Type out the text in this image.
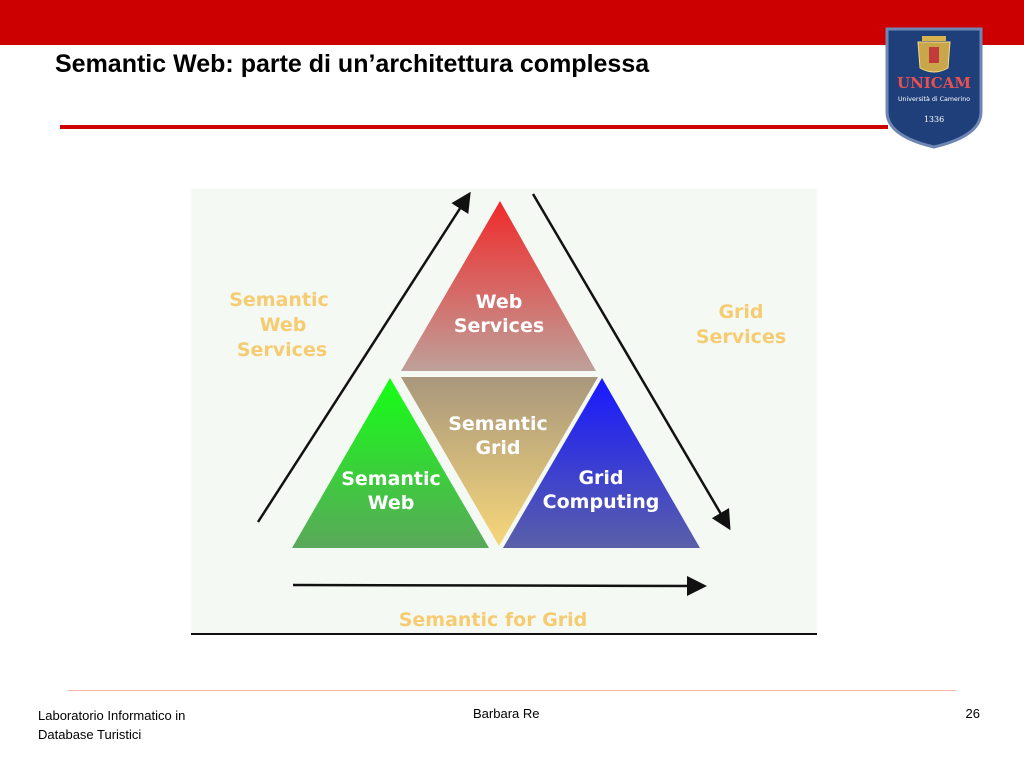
Semantic Web: parte di un’architettura complessa
UNICAM
Università di Camerino
1336
Web
Services
Semantic
Grid
Semantic
Web
Grid
Computing
Semantic
Web
Services
Grid
Services
Semantic for Grid
Laboratorio Informatico in
Database Turistici
Barbara Re	26
